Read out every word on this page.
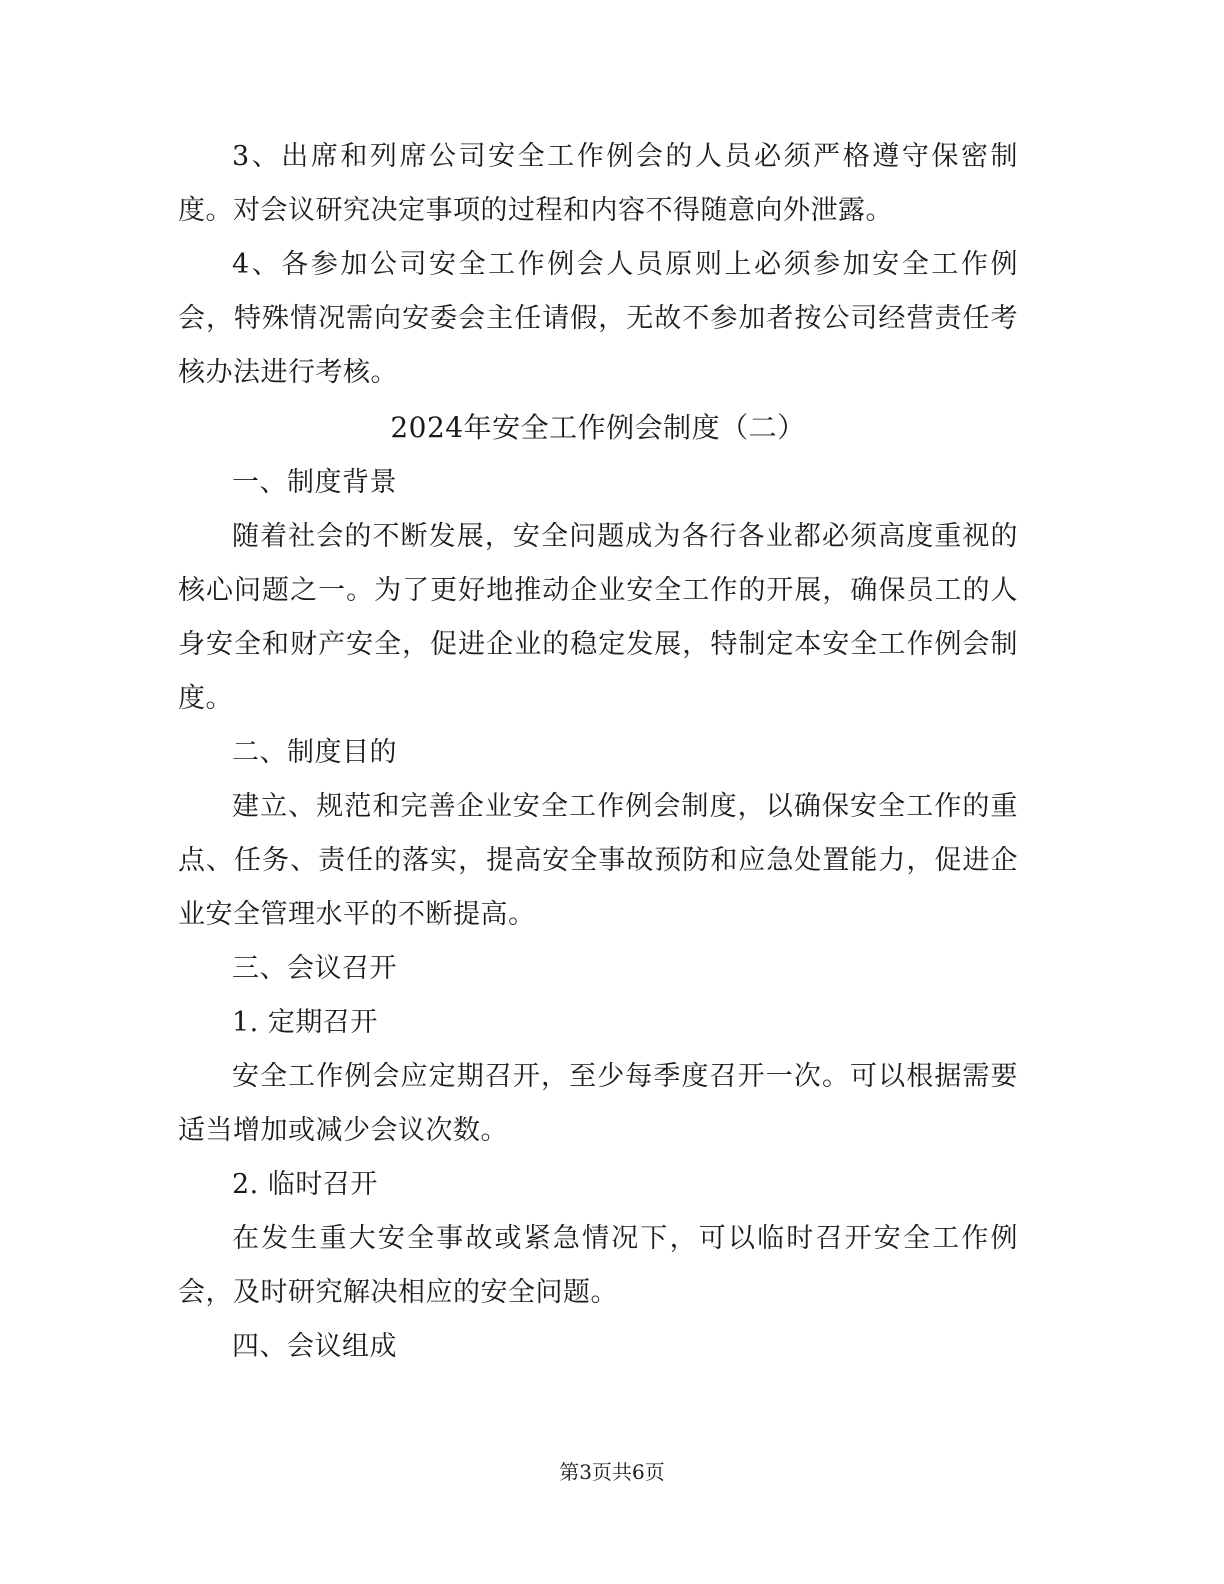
3、出席和列席公司安全工作例会的人员必须严格遵守保密制度。对会议研究决定事项的过程和内容不得随意向外泄露。

4、各参加公司安全工作例会人员原则上必须参加安全工作例会，特殊情况需向安委会主任请假，无故不参加者按公司经营责任考核办法进行考核。

2024年安全工作例会制度（二）

一、制度背景

随着社会的不断发展，安全问题成为各行各业都必须高度重视的核心问题之一。为了更好地推动企业安全工作的开展，确保员工的人身安全和财产安全，促进企业的稳定发展，特制定本安全工作例会制度。

二、制度目的

建立、规范和完善企业安全工作例会制度，以确保安全工作的重点、任务、责任的落实，提高安全事故预防和应急处置能力，促进企业安全管理水平的不断提高。

三、会议召开

1. 定期召开

安全工作例会应定期召开，至少每季度召开一次。可以根据需要适当增加或减少会议次数。

2. 临时召开

在发生重大安全事故或紧急情况下，可以临时召开安全工作例会，及时研究解决相应的安全问题。

四、会议组成

第3页共6页
